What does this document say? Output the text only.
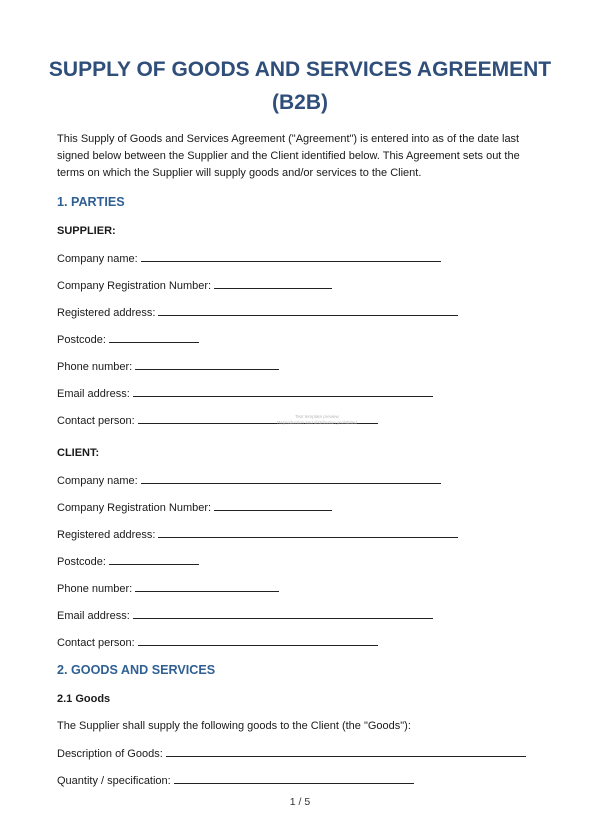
SUPPLY OF GOODS AND SERVICES AGREEMENT
(B2B)

This Supply of Goods and Services Agreement ("Agreement") is entered into as of the date last signed below between the Supplier and the Client identified below. This Agreement sets out the terms on which the Supplier will supply goods and/or services to the Client.

1. PARTIES

SUPPLIER:

Company name:

Company Registration Number:

Registered address:

Postcode:

Phone number:

Email address:

Contact person:	Text template preview
Reproduction and distribution prohibited

CLIENT:

Company name:

Company Registration Number:

Registered address:

Postcode:

Phone number:

Email address:

Contact person:

2. GOODS AND SERVICES

2.1 Goods

The Supplier shall supply the following goods to the Client (the "Goods"):

Description of Goods:

Quantity / specification:

1 / 5
